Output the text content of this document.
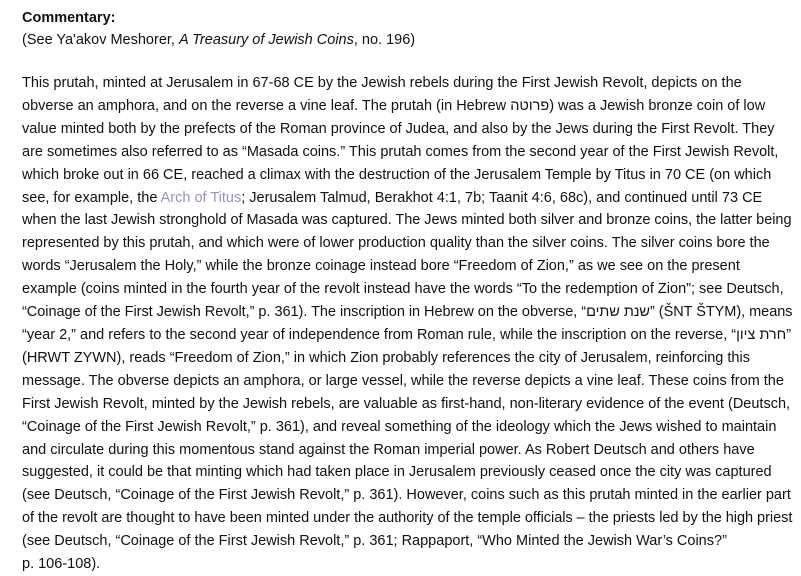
Commentary:

(See Ya'akov Meshorer, A Treasury of Jewish Coins, no. 196)

This prutah, minted at Jerusalem in 67-68 CE by the Jewish rebels during the First Jewish Revolt, depicts on the
obverse an amphora, and on the reverse a vine leaf. The prutah (in Hebrew פרוטה) was a Jewish bronze coin of low
value minted both by the prefects of the Roman province of Judea, and also by the Jews during the First Revolt. They
are sometimes also referred to as “Masada coins.” This prutah comes from the second year of the First Jewish Revolt,
which broke out in 66 CE, reached a climax with the destruction of the Jerusalem Temple by Titus in 70 CE (on which
see, for example, the Arch of Titus; Jerusalem Talmud, Berakhot 4:1, 7b; Taanit 4:6, 68c), and continued until 73 CE
when the last Jewish stronghold of Masada was captured. The Jews minted both silver and bronze coins, the latter being
represented by this prutah, and which were of lower production quality than the silver coins. The silver coins bore the
words “Jerusalem the Holy,” while the bronze coinage instead bore “Freedom of Zion,” as we see on the present
example (coins minted in the fourth year of the revolt instead have the words “To the redemption of Zion”; see Deutsch,
“Coinage of the First Jewish Revolt,” p. 361). The inscription in Hebrew on the obverse, “שנת שתים” (ŠNT ŠTYM), means
“year 2,” and refers to the second year of independence from Roman rule, while the inscription on the reverse, “חרת ציון”
(HRWT ZYWN), reads “Freedom of Zion,” in which Zion probably references the city of Jerusalem, reinforcing this
message. The obverse depicts an amphora, or large vessel, while the reverse depicts a vine leaf. These coins from the
First Jewish Revolt, minted by the Jewish rebels, are valuable as first-hand, non-literary evidence of the event (Deutsch,
“Coinage of the First Jewish Revolt,” p. 361), and reveal something of the ideology which the Jews wished to maintain
and circulate during this momentous stand against the Roman imperial power. As Robert Deutsch and others have
suggested, it could be that minting which had taken place in Jerusalem previously ceased once the city was captured
(see Deutsch, “Coinage of the First Jewish Revolt,” p. 361). However, coins such as this prutah minted in the earlier part
of the revolt are thought to have been minted under the authority of the temple officials – the priests led by the high priest
(see Deutsch, “Coinage of the First Jewish Revolt,” p. 361; Rappaport, “Who Minted the Jewish War’s Coins?”
p. 106-108).
